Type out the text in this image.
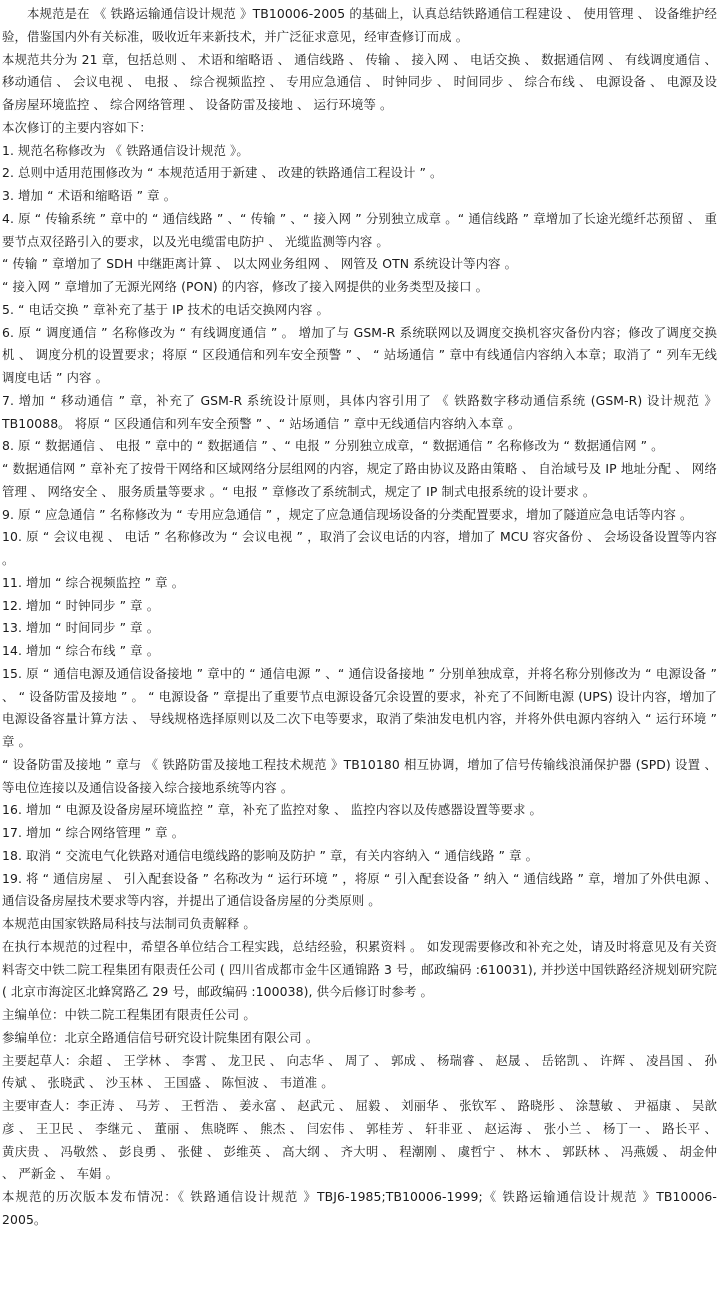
本规范是在 《 铁路运输通信设计规范 》TB10006-2005 的基础上，认真总结铁路通信工程建设 、 使用管理 、 设备维护经验，借鉴国内外有关标准，吸收近年来新技术，并广泛征求意见，经审查修订而成 。

本规范共分为 21 章，包括总则 、 术语和缩略语 、 通信线路 、 传输 、 接入网 、 电话交换 、 数据通信网 、 有线调度通信 、 移动通信 、 会议电视 、 电报 、 综合视频监控 、 专用应急通信 、 时钟同步 、 时间同步 、 综合布线 、 电源设备 、 电源及设备房屋环境监控 、 综合网络管理 、 设备防雷及接地 、 运行环境等 。

本次修订的主要内容如下：

1. 规范名称修改为 《 铁路通信设计规范 》。

2. 总则中适用范围修改为 “ 本规范适用于新建 、 改建的铁路通信工程设计 ” 。

3. 增加 “ 术语和缩略语 ” 章 。

4. 原 “ 传输系统 ” 章中的 “ 通信线路 ” 、“ 传输 ” 、“ 接入网 ” 分别独立成章 。“ 通信线路 ” 章增加了长途光缆纤芯预留 、 重要节点双径路引入的要求，以及光电缆雷电防护 、 光缆监测等内容 。

“ 传输 ” 章增加了 SDH 中继距离计算 、 以太网业务组网 、 网管及 OTN 系统设计等内容 。

“ 接入网 ” 章增加了无源光网络 (PON) 的内容，修改了接入网提供的业务类型及接口 。

5. “ 电话交换 ” 章补充了基于 IP 技术的电话交换网内容 。

6. 原 “ 调度通信 ” 名称修改为 “ 有线调度通信 ” 。 增加了与 GSM-R 系统联网以及调度交换机容灾备份内容；修改了调度交换机 、 调度分机的设置要求；将原 “ 区段通信和列车安全预警 ” 、 “ 站场通信 ” 章中有线通信内容纳入本章；取消了 “ 列车无线调度电话 ” 内容 。

7. 增加 “ 移动通信 ” 章，补充了 GSM-R 系统设计原则，具体内容引用了 《 铁路数字移动通信系统 (GSM-R) 设计规范 》TB10088。 将原 “ 区段通信和列车安全预警 ” 、“ 站场通信 ” 章中无线通信内容纳入本章 。

8. 原 “ 数据通信 、 电报 ” 章中的 “ 数据通信 ” 、“ 电报 ” 分别独立成章，“ 数据通信 ” 名称修改为 “ 数据通信网 ” 。

“ 数据通信网 ” 章补充了按骨干网络和区域网络分层组网的内容，规定了路由协议及路由策略 、 自治域号及 IP 地址分配 、 网络管理 、 网络安全 、 服务质量等要求 。“ 电报 ” 章修改了系统制式，规定了 IP 制式电报系统的设计要求 。

9. 原 “ 应急通信 ” 名称修改为 “ 专用应急通信 ” ，规定了应急通信现场设备的分类配置要求，增加了隧道应急电话等内容 。

10. 原 “ 会议电视 、 电话 ” 名称修改为 “ 会议电视 ” ，取消了会议电话的内容，增加了 MCU 容灾备份 、 会场设备设置等内容 。

11. 增加 “ 综合视频监控 ” 章 。

12. 增加 “ 时钟同步 ” 章 。

13. 增加 “ 时间同步 ” 章 。

14. 增加 “ 综合布线 ” 章 。

15. 原 “ 通信电源及通信设备接地 ” 章中的 “ 通信电源 ” 、“ 通信设备接地 ” 分别单独成章，并将名称分别修改为 “ 电源设备 ” 、 “ 设备防雷及接地 ” 。 “ 电源设备 ” 章提出了重要节点电源设备冗余设置的要求，补充了不间断电源 (UPS) 设计内容，增加了电源设备容量计算方法 、 导线规格选择原则以及二次下电等要求，取消了柴油发电机内容，并将外供电源内容纳入 “ 运行环境 ” 章 。

“ 设备防雷及接地 ” 章与 《 铁路防雷及接地工程技术规范 》TB10180 相互协调，增加了信号传输线浪涌保护器 (SPD) 设置 、 等电位连接以及通信设备接入综合接地系统等内容 。

16. 增加 “ 电源及设备房屋环境监控 ” 章，补充了监控对象 、 监控内容以及传感器设置等要求 。

17. 增加 “ 综合网络管理 ” 章 。

18. 取消 “ 交流电气化铁路对通信电缆线路的影响及防护 ” 章，有关内容纳入 “ 通信线路 ” 章 。

19. 将 “ 通信房屋 、 引入配套设备 ” 名称改为 “ 运行环境 ” ，将原 “ 引入配套设备 ” 纳入 “ 通信线路 ” 章，增加了外供电源 、 通信设备房屋技术要求等内容，并提出了通信设备房屋的分类原则 。

本规范由国家铁路局科技与法制司负责解释 。

在执行本规范的过程中，希望各单位结合工程实践，总结经验，积累资料 。 如发现需要修改和补充之处，请及时将意见及有关资料寄交中铁二院工程集团有限责任公司 ( 四川省成都市金牛区通锦路 3 号，邮政编码 :610031), 并抄送中国铁路经济规划研究院 ( 北京市海淀区北蜂窝路乙 29 号，邮政编码 :100038), 供今后修订时参考 。

主编单位：中铁二院工程集团有限责任公司 。

参编单位：北京全路通信信号研究设计院集团有限公司 。

主要起草人：余超 、 王学林 、 李霄 、 龙卫民 、 向志华 、 周了 、 郭成 、 杨瑞睿 、 赵晟 、 岳铭凯 、 许辉 、 凌昌国 、 孙传斌 、 张晓武 、 沙玉林 、 王国盛 、 陈恒波 、 韦道准 。

主要审查人：李正涛 、 马芳 、 王哲浩 、 姜永富 、 赵武元 、 屈毅 、 刘丽华 、 张钦军 、 路晓彤 、 涂慧敏 、 尹福康 、 吴歆彦 、 王卫民 、 李继元 、 董丽 、 焦晓晖 、 熊杰 、 闫宏伟 、 郭桂芳 、 轩非亚 、 赵运海 、 张小兰 、 杨丁一 、 路长平 、 黄庆贵 、 冯敬然 、 彭良勇 、 张健 、 彭维英 、 高大纲 、 齐大明 、 程潮刚 、 虞哲宁 、 林木 、 郭跃林 、 冯燕媛 、 胡金仲 、 严新金 、 车娟 。

本规范的历次版本发布情况：《 铁路通信设计规范 》TBJ6-1985;TB10006-1999;《 铁路运输通信设计规范 》TB10006-2005。
